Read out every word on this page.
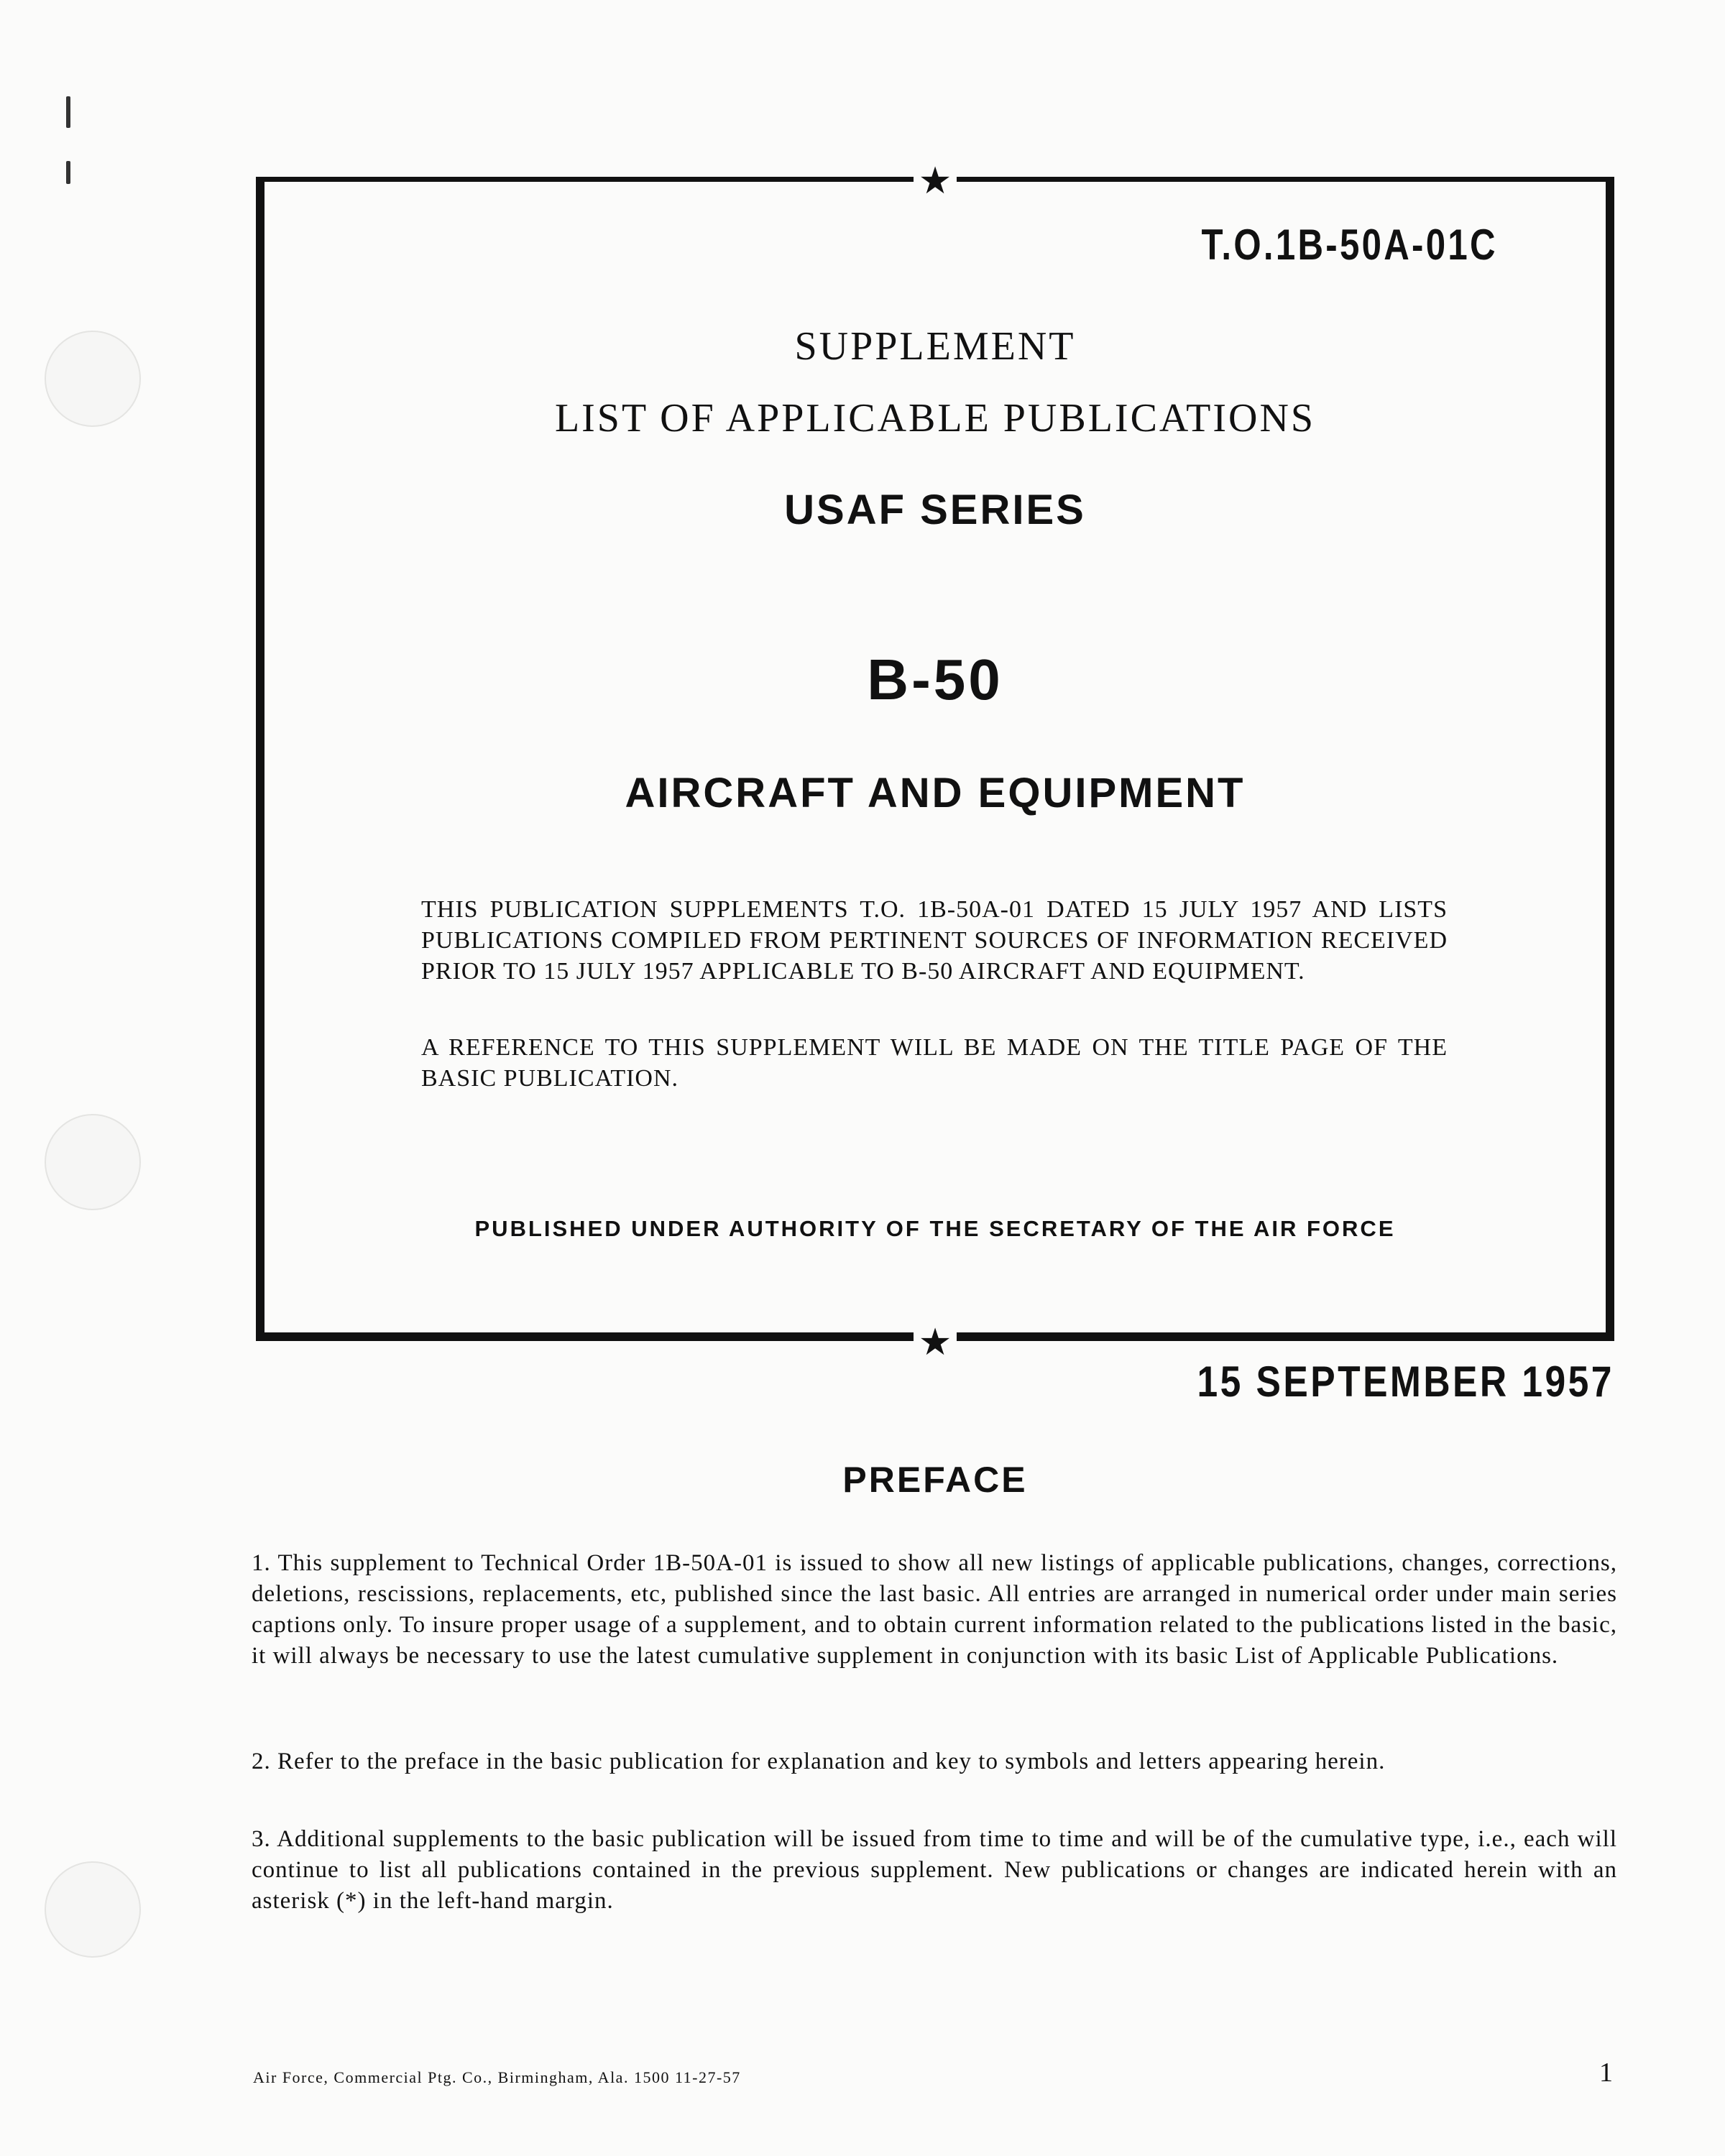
★
★
T.O.1B-50A-01C
SUPPLEMENT
LIST OF APPLICABLE PUBLICATIONS
USAF SERIES
B-50
AIRCRAFT AND EQUIPMENT

THIS PUBLICATION SUPPLEMENTS T.O. 1B-50A-01 DATED 15 JULY 1957 AND LISTS PUBLICATIONS COMPILED FROM PERTINENT SOURCES OF INFORMATION RECEIVED PRIOR TO 15 JULY 1957 APPLICABLE TO B-50 AIRCRAFT AND EQUIPMENT.

A REFERENCE TO THIS SUPPLEMENT WILL BE MADE ON THE TITLE PAGE OF THE BASIC PUBLICATION.

PUBLISHED UNDER AUTHORITY OF THE SECRETARY OF THE AIR FORCE
15 SEPTEMBER 1957
PREFACE

1. This supplement to Technical Order 1B-50A-01 is issued to show all new listings of applicable publications, changes, corrections, deletions, rescissions, replacements, etc, published since the last basic. All entries are arranged in numerical order under main series captions only. To insure proper usage of a supplement, and to obtain current information related to the publications listed in the basic, it will always be necessary to use the latest cumulative supplement in conjunction with its basic List of Applicable Publications.

2. Refer to the preface in the basic publication for explanation and key to symbols and letters appearing herein.

3. Additional supplements to the basic publication will be issued from time to time and will be of the cumulative type, i.e., each will continue to list all publications contained in the previous supplement. New publications or changes are indicated herein with an asterisk (*) in the left-hand margin.

Air Force, Commercial Ptg. Co., Birmingham, Ala. 1500 11-27-57	1
